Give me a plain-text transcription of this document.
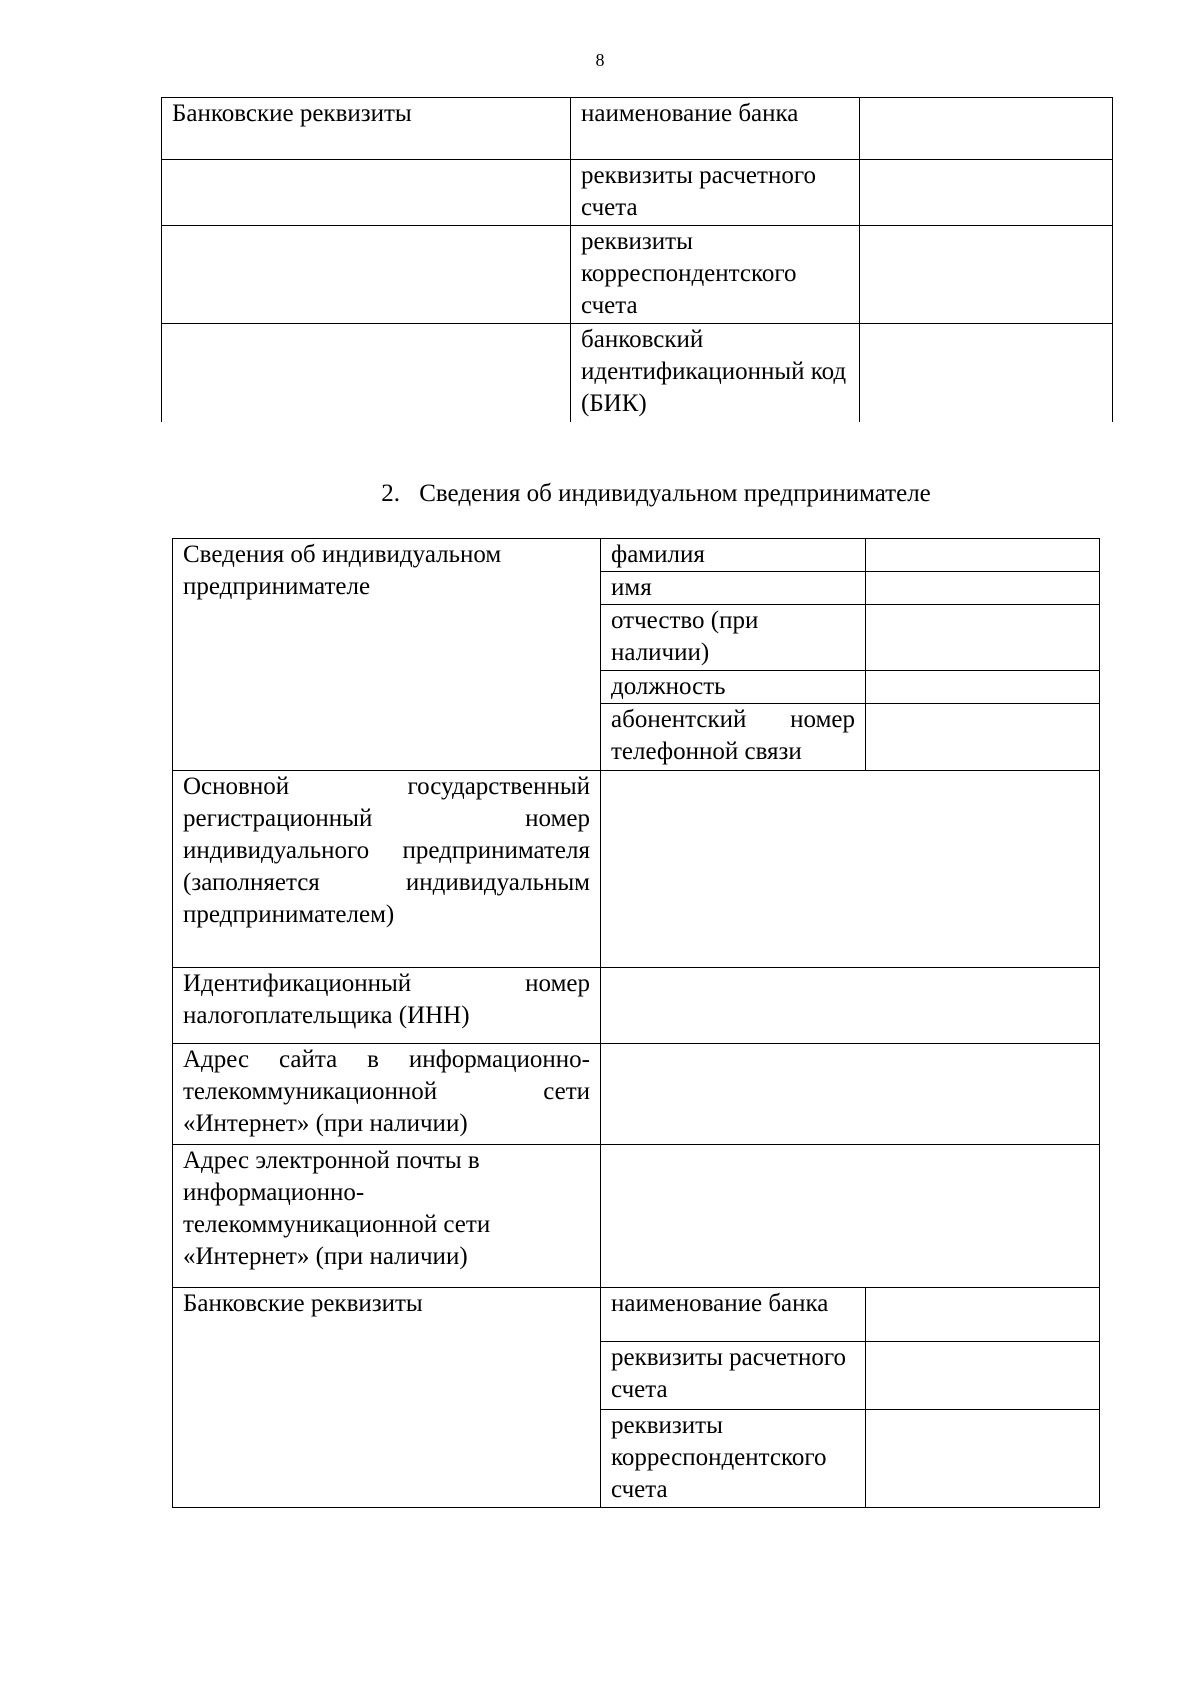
8
Банковские реквизиты	наименование банка	
	реквизиты расчетного счета	
	реквизиты корреспондентского счета	
	банковский идентификационный код (БИК)	
2. Сведения об индивидуальном предпринимателе
Сведения об индивидуальном предпринимателе	фамилия	
	имя	
	отчество (при наличии)	
	должность	
	абонентский номер телефонной связи	
Основной государственный регистрационный номер индивидуального предпринимателя (заполняется индивидуальным предпринимателем)		
Идентификационный номер налогоплательщика (ИНН)		
Адрес сайта в информационно-телекоммуникационной сети «Интернет» (при наличии)		
Адрес электронной почты в информационно-телекоммуникационной сети «Интернет» (при наличии)		
Банковские реквизиты	наименование банка	
	реквизиты расчетного счета	
	реквизиты корреспондентского счета	
